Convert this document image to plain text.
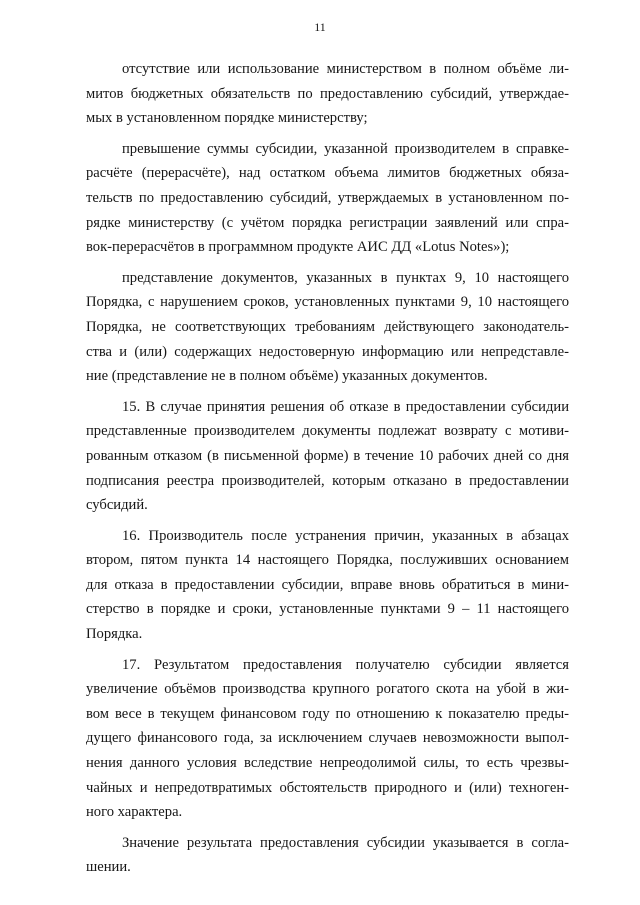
11

отсутствие или использование министерством в полном объёме ли-
митов бюджетных обязательств по предоставлению субсидий, утверждае-
мых в установленном порядке министерству;

превышение суммы субсидии, указанной производителем в справке-
расчёте (перерасчёте), над остатком объема лимитов бюджетных обяза-
тельств по предоставлению субсидий, утверждаемых в установленном по-
рядке министерству (с учётом порядка регистрации заявлений или спра-
вок-перерасчётов в программном продукте АИС ДД «Lotus Notes»);

представление документов, указанных в пунктах 9, 10 настоящего
Порядка, с нарушением сроков, установленных пунктами 9, 10 настоящего
Порядка, не соответствующих требованиям действующего законодатель-
ства и (или) содержащих недостоверную информацию или непредставле-
ние (представление не в полном объёме) указанных документов.

15. В случае принятия решения об отказе в предоставлении субсидии
представленные производителем документы подлежат возврату с мотиви-
рованным отказом (в письменной форме) в течение 10 рабочих дней со дня
подписания реестра производителей, которым отказано в предоставлении
субсидий.

16. Производитель после устранения причин, указанных в абзацах
втором, пятом пункта 14 настоящего Порядка, послуживших основанием
для отказа в предоставлении субсидии, вправе вновь обратиться в мини-
стерство в порядке и сроки, установленные пунктами 9 – 11 настоящего
Порядка.

17. Результатом предоставления получателю субсидии является
увеличение объёмов производства крупного рогатого скота на убой в жи-
вом весе в текущем финансовом году по отношению к показателю преды-
дущего финансового года, за исключением случаев невозможности выпол-
нения данного условия вследствие непреодолимой силы, то есть чрезвы-
чайных и непредотвратимых обстоятельств природного и (или) техноген-
ного характера.

Значение результата предоставления субсидии указывается в согла-
шении.
